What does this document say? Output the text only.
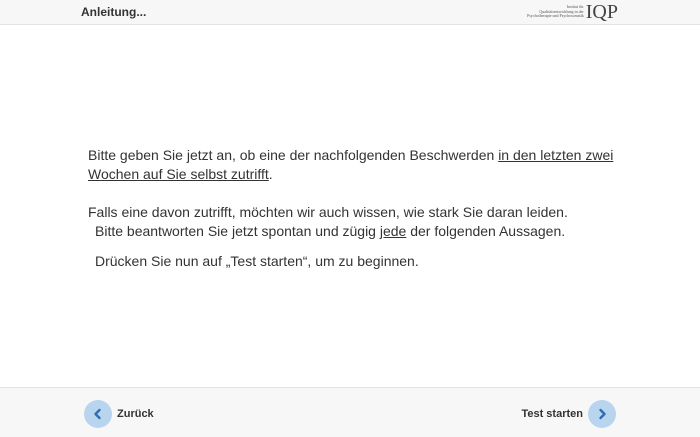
Anleitung...	Institut für
Qualitätsentwicklung in der
Psychotherapie und Psychosomatik IQP

Bitte geben Sie jetzt an, ob eine der nachfolgenden Beschwerden in den letzten zwei Wochen auf Sie selbst zutrifft.

Falls eine davon zutrifft, möchten wir auch wissen, wie stark Sie daran leiden.

Bitte beantworten Sie jetzt spontan und zügig jede der folgenden Aussagen.

Drücken Sie nun auf „Test starten“, um zu beginnen.

Zurück	Test starten
